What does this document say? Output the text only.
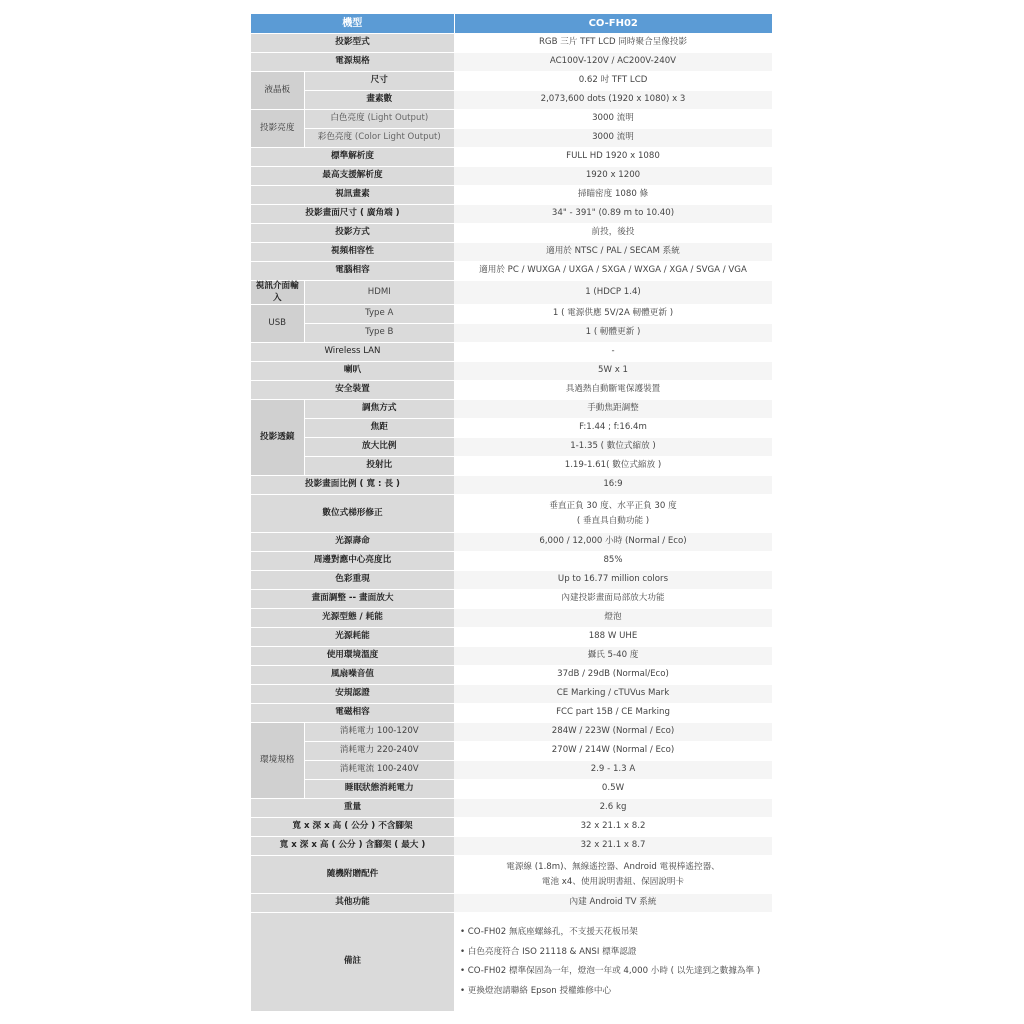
機型		CO-FH02
投影型式		RGB 三片 TFT LCD 同時聚合呈像投影
電源規格		AC100V-120V / AC200V-240V
液晶板	尺寸	0.62 吋 TFT LCD
	畫素數	2,073,600 dots (1920 x 1080) x 3
投影亮度	白色亮度 (Light Output)	3000 流明
	彩色亮度 (Color Light Output)	3000 流明
標準解析度		FULL HD 1920 x 1080
最高支援解析度		1920 x 1200
視訊畫素		掃瞄密度 1080 條
投影畫面尺寸 ( 廣角端 )		34" - 391" (0.89 m to 10.40)
投影方式		前投，後投
視頻相容性		適用於 NTSC / PAL / SECAM 系統
電腦相容		適用於 PC / WUXGA / UXGA / SXGA / WXGA / XGA / SVGA / VGA
視訊介面輸入	HDMI	1 (HDCP 1.4)
USB	Type A	1 ( 電源供應 5V/2A 軔體更新 )
	Type B	1 ( 軔體更新 )
Wireless LAN		-
喇叭		5W x 1
安全裝置		具過熱自動斷電保護裝置
投影透鏡	調焦方式	手動焦距調整
	焦距	F:1.44 ; f:16.4m
	放大比例	1-1.35 ( 數位式縮放 )
	投射比	1.19-1.61( 數位式縮放 )
投影畫面比例 ( 寬 : 長 )		16:9
數位式梯形修正		垂直正負 30 度、水平正負 30 度
( 垂直具自動功能 )

光源壽命		6,000 / 12,000 小時 (Normal / Eco)
周邊對應中心亮度比		85%
色彩重現		Up to 16.77 million colors
畫面調整 -- 畫面放大		內建投影畫面局部放大功能
光源型態 / 耗能		燈泡
光源耗能		188 W UHE
使用環境溫度		攝氏 5-40 度
風扇噪音值		37dB / 29dB (Normal/Eco)
安規認證		CE Marking / cTUVus Mark
電磁相容		FCC part 15B / CE Marking
環境規格	消耗電力 100-120V	284W / 223W (Normal / Eco)
	消耗電力 220-240V	270W / 214W (Normal / Eco)
	消耗電流 100-240V	2.9 - 1.3 A
	睡眠狀態消耗電力	0.5W
重量		2.6 kg
寬 x 深 x 高 ( 公分 ) 不含腳架		32 x 21.1 x 8.2
寬 x 深 x 高 ( 公分 ) 含腳架 ( 最大 )		32 x 21.1 x 8.7
隨機附贈配件		電源線 (1.8m)、無線遙控器、Android 電視棒遙控器、
電池 x4、使用說明書組、保固說明卡

其他功能		內建 Android TV 系統
備註		• CO-FH02 無底座螺絲孔，不支援天花板吊架
• 白色亮度符合 ISO 21118 & ANSI 標準認證
• CO-FH02 標準保固為一年，燈泡一年或 4,000 小時 ( 以先達到之數據為準 )
• 更換燈泡請聯絡 Epson 授權維修中心
